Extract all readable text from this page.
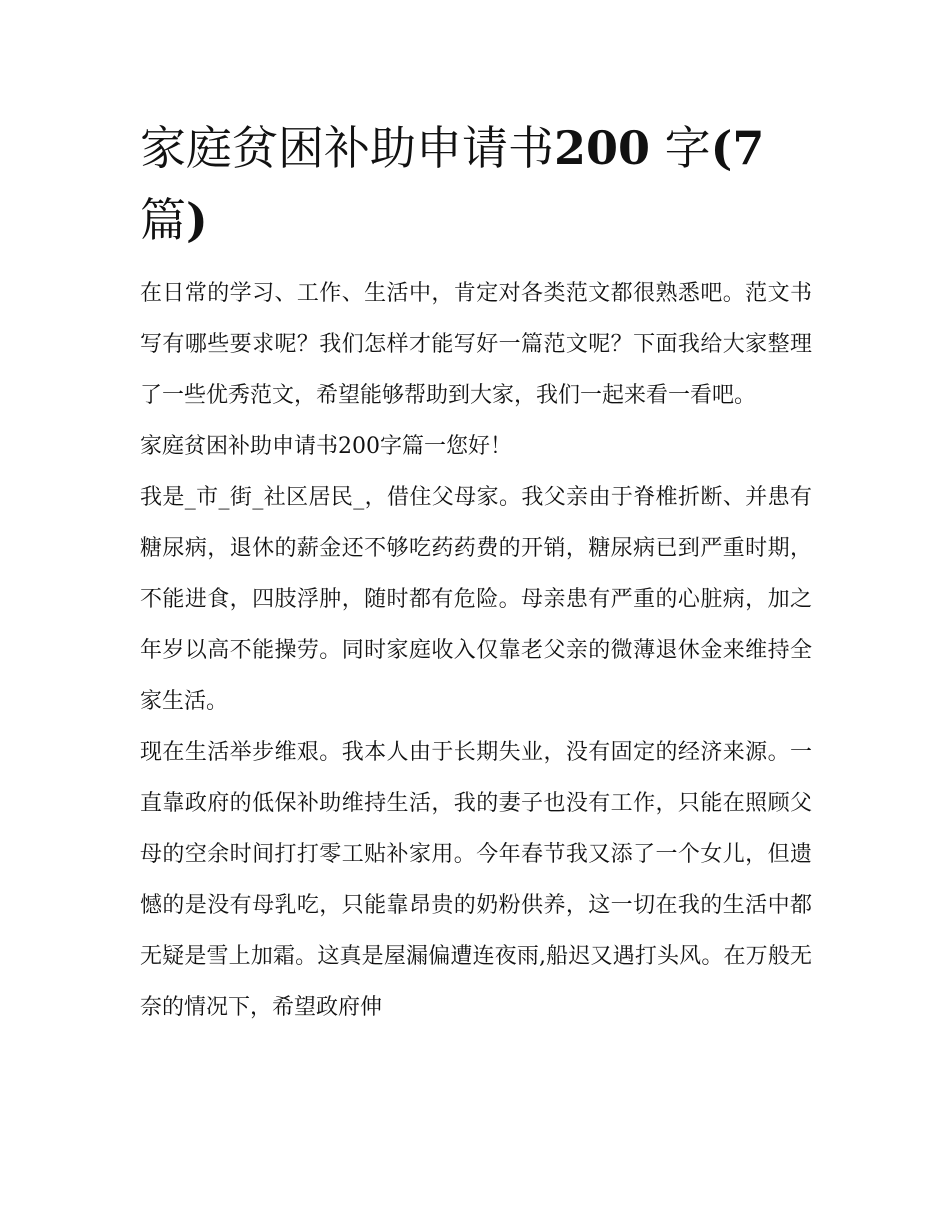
家庭贫困补助申请书200 字(7
篇)

在日常的学习、工作、生活中，肯定对各类范文都很熟悉吧。范文书写有哪些要求呢？我们怎样才能写好一篇范文呢？下面我给大家整理了一些优秀范文，希望能够帮助到大家，我们一起来看一看吧。

家庭贫困补助申请书200字篇一您好！

我是_市_街_社区居民_，借住父母家。我父亲由于脊椎折断、并患有糖尿病，退休的薪金还不够吃药药费的开销，糖尿病已到严重时期，不能进食，四肢浮肿，随时都有危险。母亲患有严重的心脏病，加之年岁以高不能操劳。同时家庭收入仅靠老父亲的微薄退休金来维持全家生活。

现在生活举步维艰。我本人由于长期失业，没有固定的经济来源。一直靠政府的低保补助维持生活，我的妻子也没有工作，只能在照顾父母的空余时间打打零工贴补家用。今年春节我又添了一个女儿，但遗憾的是没有母乳吃，只能靠昂贵的奶粉供养，这一切在我的生活中都无疑是雪上加霜。这真是屋漏偏遭连夜雨,船迟又遇打头风。在万般无奈的情况下，希望政府伸
